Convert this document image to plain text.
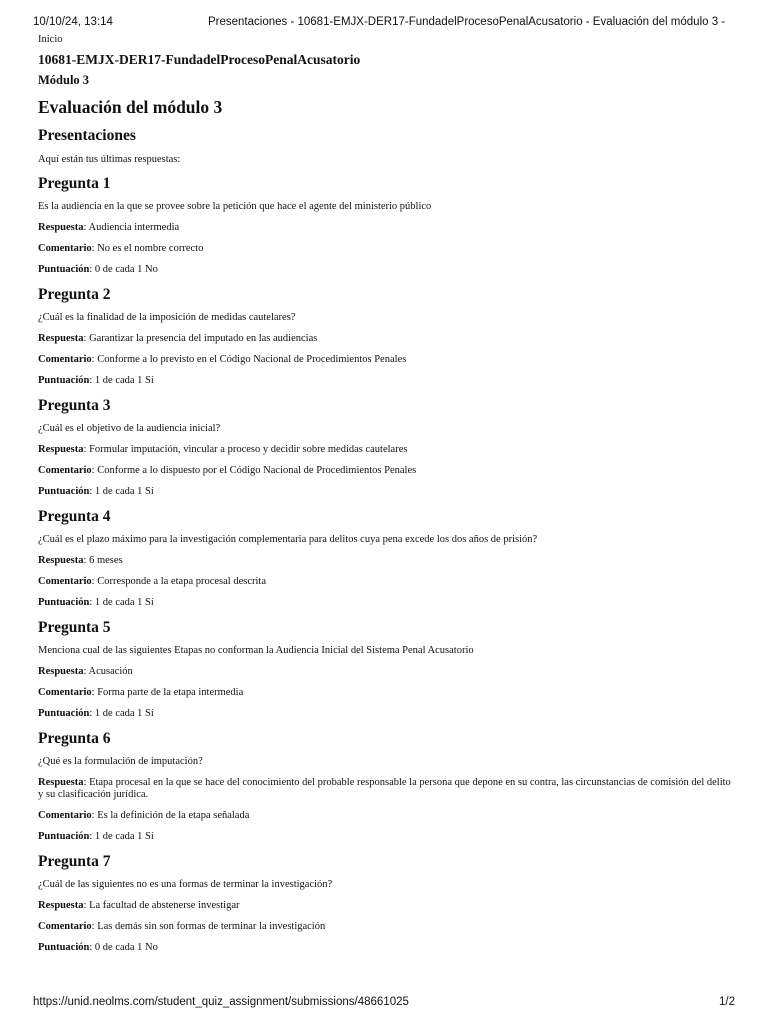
10/10/24, 13:14	Presentaciones - 10681-EMJX-DER17-FundadelProcesoPenalAcusatorio - Evaluación del módulo 3 -
Inicio
10681-EMJX-DER17-FundadelProcesoPenalAcusatorio
Módulo 3
Evaluación del módulo 3
Presentaciones
Aquí están tus últimas respuestas:
Pregunta 1
Es la audiencia en la que se provee sobre la petición que hace el agente del ministerio público
Respuesta: Audiencia intermedia
Comentario: No es el nombre correcto
Puntuación: 0 de cada 1 No
Pregunta 2
¿Cuál es la finalidad de la imposición de medidas cautelares?
Respuesta: Garantizar la presencia del imputado en las audiencias
Comentario: Conforme a lo previsto en el Código Nacional de Procedimientos Penales
Puntuación: 1 de cada 1 Sí
Pregunta 3
¿Cuál es el objetivo de la audiencia inicial?
Respuesta: Formular imputación, vincular a proceso y decidir sobre medidas cautelares
Comentario: Conforme a lo dispuesto por el Código Nacional de Procedimientos Penales
Puntuación: 1 de cada 1 Sí
Pregunta 4
¿Cuál es el plazo máximo para la investigación complementaria para delitos cuya pena excede los dos años de prisión?
Respuesta: 6 meses
Comentario: Corresponde a la etapa procesal descrita
Puntuación: 1 de cada 1 Sí
Pregunta 5
Menciona cual de las siguientes Etapas no conforman la Audiencia Inicial del Sistema Penal Acusatorio
Respuesta: Acusación
Comentario: Forma parte de la etapa intermedia
Puntuación: 1 de cada 1 Sí
Pregunta 6
¿Qué es la formulación de imputación?
Respuesta: Etapa procesal en la que se hace del conocimiento del probable responsable la persona que depone en su contra, las circunstancias de comisión del delito y su clasificación jurídica.
Comentario: Es la definición de la etapa señalada
Puntuación: 1 de cada 1 Sí
Pregunta 7
¿Cuál de las siguientes no es una formas de terminar la investigación?
Respuesta: La facultad de abstenerse investigar
Comentario: Las demás sin son formas de terminar la investigación
Puntuación: 0 de cada 1 No
https://unid.neolms.com/student_quiz_assignment/submissions/48661025	1/2
